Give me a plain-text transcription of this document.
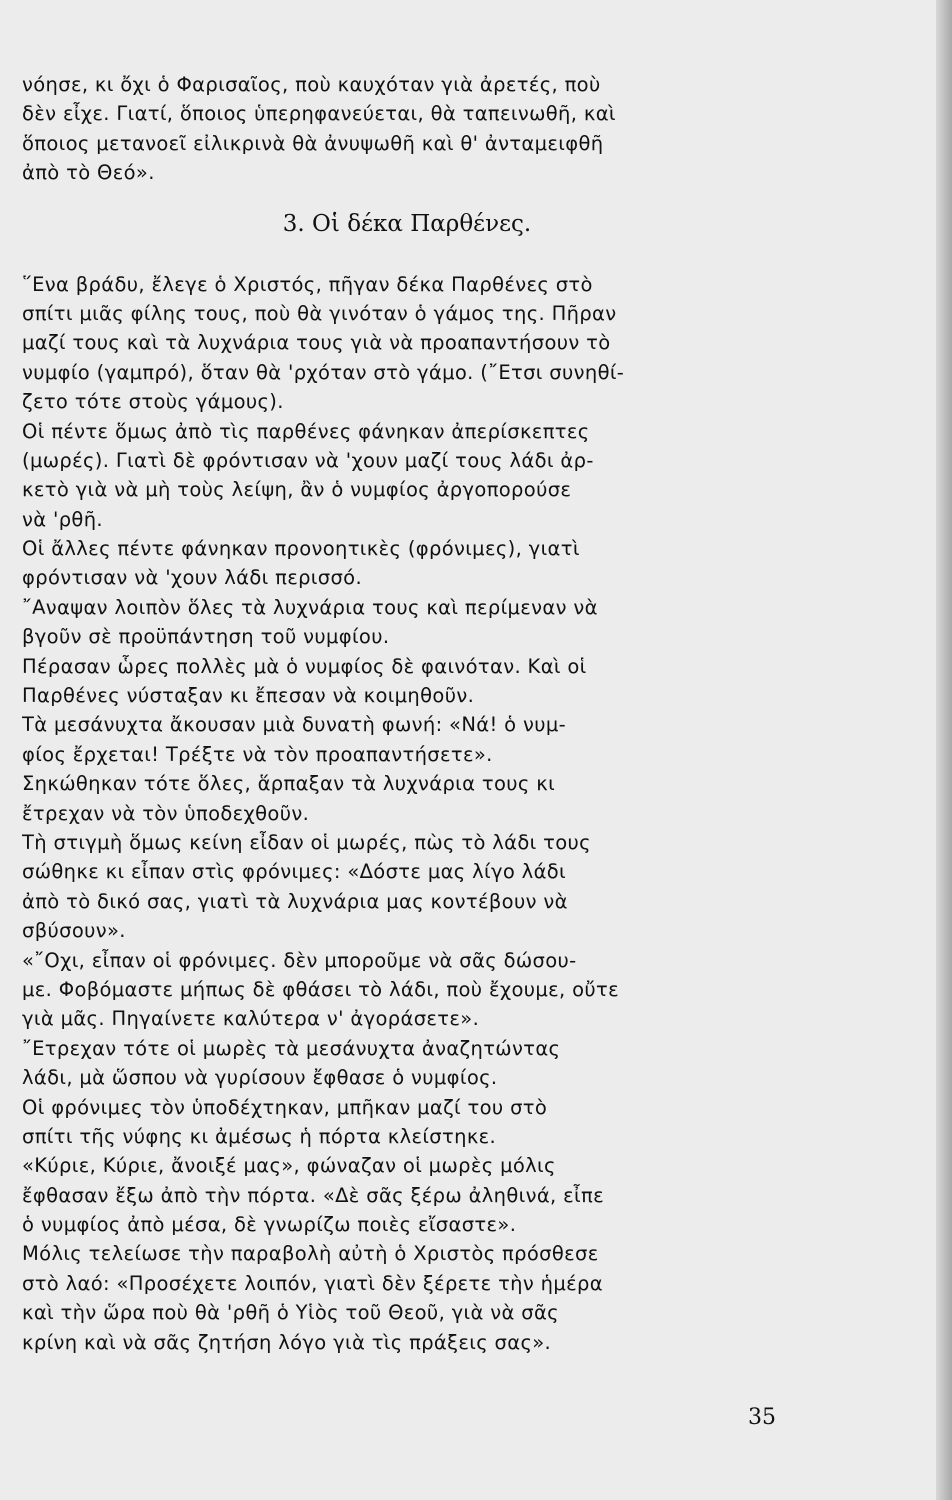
νόησε, κι ὄχι ὁ Φαρισαῖος, ποὺ καυχόταν γιὰ ἀρετές, ποὺ
δὲν εἶχε. Γιατί, ὅποιος ὑπερηφανεύεται, θὰ ταπεινωθῆ, καὶ
ὅποιος μετανοεῖ εἰλικρινὰ θὰ ἀνυψωθῆ καὶ θ' ἀνταμειφθῆ
ἀπὸ τὸ Θεό».
3. Οἱ δέκα Παρθένες.
῞Ενα βράδυ, ἔλεγε ὁ Χριστός, πῆγαν δέκα Παρθένες στὸ
σπίτι μιᾶς φίλης τους, ποὺ θὰ γινόταν ὁ γάμος της. Πῆραν
μαζί τους καὶ τὰ λυχνάρια τους γιὰ νὰ προαπαντήσουν τὸ
νυμφίο (γαμπρό), ὅταν θὰ 'ρχόταν στὸ γάμο. (῎Ετσι συνηθί-
ζετο τότε στοὺς γάμους).
Οἱ πέντε ὅμως ἀπὸ τὶς παρθένες φάνηκαν ἀπερίσκεπτες
(μωρές). Γιατὶ δὲ φρόντισαν νὰ 'χουν μαζί τους λάδι ἀρ-
κετὸ γιὰ νὰ μὴ τοὺς λείψη, ἂν ὁ νυμφίος ἀργοπορούσε
νὰ 'ρθῆ.
Οἱ ἄλλες πέντε φάνηκαν προνοητικὲς (φρόνιμες), γιατὶ
φρόντισαν νὰ 'χουν λάδι περισσό.
῎Αναψαν λοιπὸν ὅλες τὰ λυχνάρια τους καὶ περίμεναν νὰ
βγοῦν σὲ προϋπάντηση τοῦ νυμφίου.
Πέρασαν ὧρες πολλὲς μὰ ὁ νυμφίος δὲ φαινόταν. Καὶ οἱ
Παρθένες νύσταξαν κι ἔπεσαν νὰ κοιμηθοῦν.
Τὰ μεσάνυχτα ἄκουσαν μιὰ δυνατὴ φωνή: «Νά! ὁ νυμ-
φίος ἔρχεται! Τρέξτε νὰ τὸν προαπαντήσετε».
Σηκώθηκαν τότε ὅλες, ἅρπαξαν τὰ λυχνάρια τους κι
ἔτρεχαν νὰ τὸν ὑποδεχθοῦν.
Τὴ στιγμὴ ὅμως κείνη εἶδαν οἱ μωρές, πὼς τὸ λάδι τους
σώθηκε κι εἶπαν στὶς φρόνιμες: «Δόστε μας λίγο λάδι
ἀπὸ τὸ δικό σας, γιατὶ τὰ λυχνάρια μας κοντέβουν νὰ
σβύσουν».
«῎Οχι, εἶπαν οἱ φρόνιμες. δὲν μποροῦμε νὰ σᾶς δώσου-
με. Φοβόμαστε μήπως δὲ φθάσει τὸ λάδι, ποὺ ἔχουμε, οὔτε
γιὰ μᾶς. Πηγαίνετε καλύτερα ν' ἀγοράσετε».
῎Ετρεχαν τότε οἱ μωρὲς τὰ μεσάνυχτα ἀναζητώντας
λάδι, μὰ ὥσπου νὰ γυρίσουν ἔφθασε ὁ νυμφίος.
Οἱ φρόνιμες τὸν ὑποδέχτηκαν, μπῆκαν μαζί του στὸ
σπίτι τῆς νύφης κι ἀμέσως ἡ πόρτα κλείστηκε.
«Κύριε, Κύριε, ἄνοιξέ μας», φώναζαν οἱ μωρὲς μόλις
ἔφθασαν ἔξω ἀπὸ τὴν πόρτα. «Δὲ σᾶς ξέρω ἀληθινά, εἶπε
ὁ νυμφίος ἀπὸ μέσα, δὲ γνωρίζω ποιὲς εἴσαστε».
Μόλις τελείωσε τὴν παραβολὴ αὐτὴ ὁ Χριστὸς πρόσθεσε
στὸ λαό: «Προσέχετε λοιπόν, γιατὶ δὲν ξέρετε τὴν ἡμέρα
καὶ τὴν ὥρα ποὺ θὰ 'ρθῆ ὁ Υἱὸς τοῦ Θεοῦ, γιὰ νὰ σᾶς
κρίνη καὶ νὰ σᾶς ζητήση λόγο γιὰ τὶς πράξεις σας».
35
